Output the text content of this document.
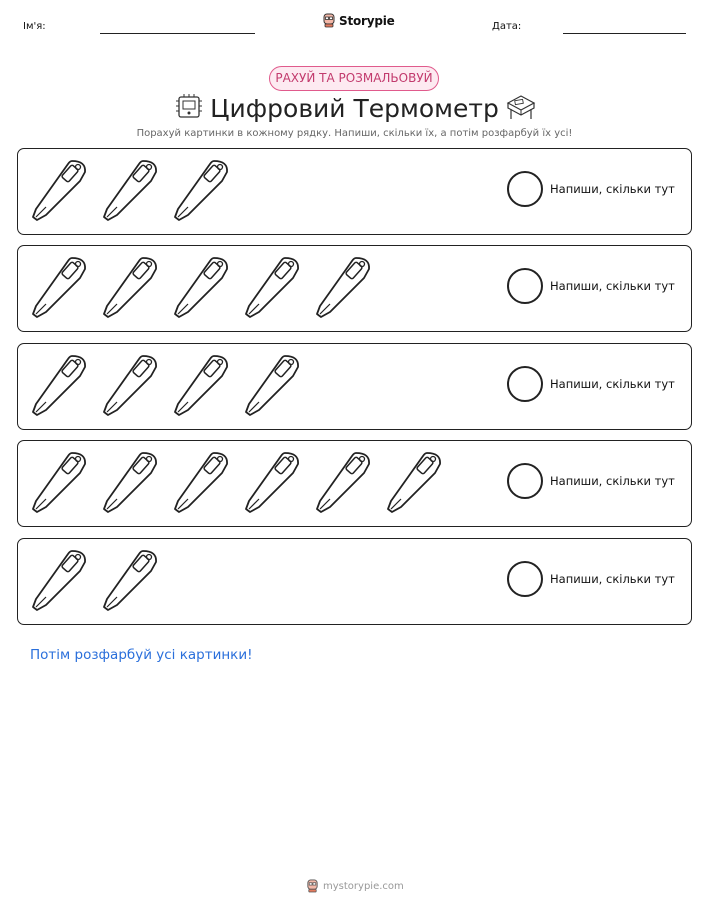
Ім'я:	Storypie	Дата:
РАХУЙ ТА РОЗМАЛЬОВУЙ
Цифровий Термометр
Порахуй картинки в кожному рядку. Напиши, скільки їх, а потім розфарбуй їх усі!
Напиши, скільки тут
Напиши, скільки тут
Напиши, скільки тут
Напиши, скільки тут
Напиши, скільки тут
Потім розфарбуй усі картинки!
mystorypie.com
